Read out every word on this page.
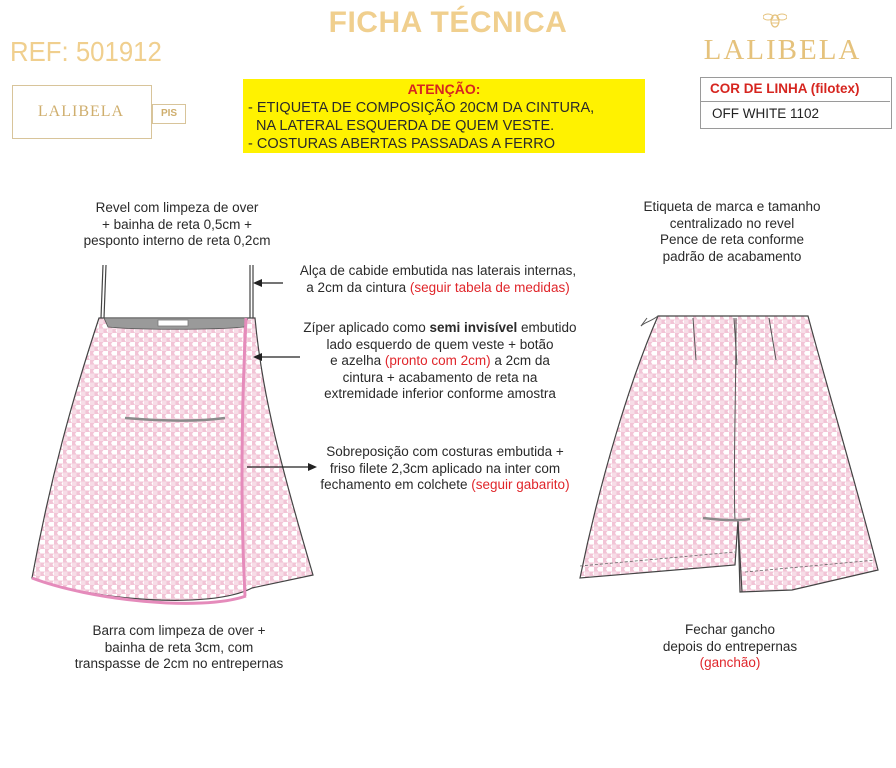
FICHA TÉCNICA
REF: 501912	LALIBELA
LALIBELA	PIS
ATENÇÃO:
- ETIQUETA DE COMPOSIÇÃO 20CM DA CINTURA,
NA LATERAL ESQUERDA DE QUEM VESTE.
- COSTURAS ABERTAS PASSADAS A FERRO
COR DE LINHA (filotex)
OFF WHITE 1102
Revel com limpeza de over
+ bainha de reta 0,5cm +
pesponto interno de reta 0,2cm
Alça de cabide embutida nas laterais internas,
a 2cm da cintura (seguir tabela de medidas)
Zíper aplicado como semi invisível embutido
lado esquerdo de quem veste + botão
e azelha (pronto com 2cm) a 2cm da
cintura + acabamento de reta na
extremidade inferior conforme amostra
Sobreposição com costuras embutida +
friso filete 2,3cm aplicado na inter com
fechamento em colchete (seguir gabarito)
Barra com limpeza de over +
bainha de reta 3cm, com
transpasse de 2cm no entrepernas
Etiqueta de marca e tamanho
centralizado no revel
Pence de reta conforme
padrão de acabamento
Fechar gancho
depois do entrepernas
(ganchão)
